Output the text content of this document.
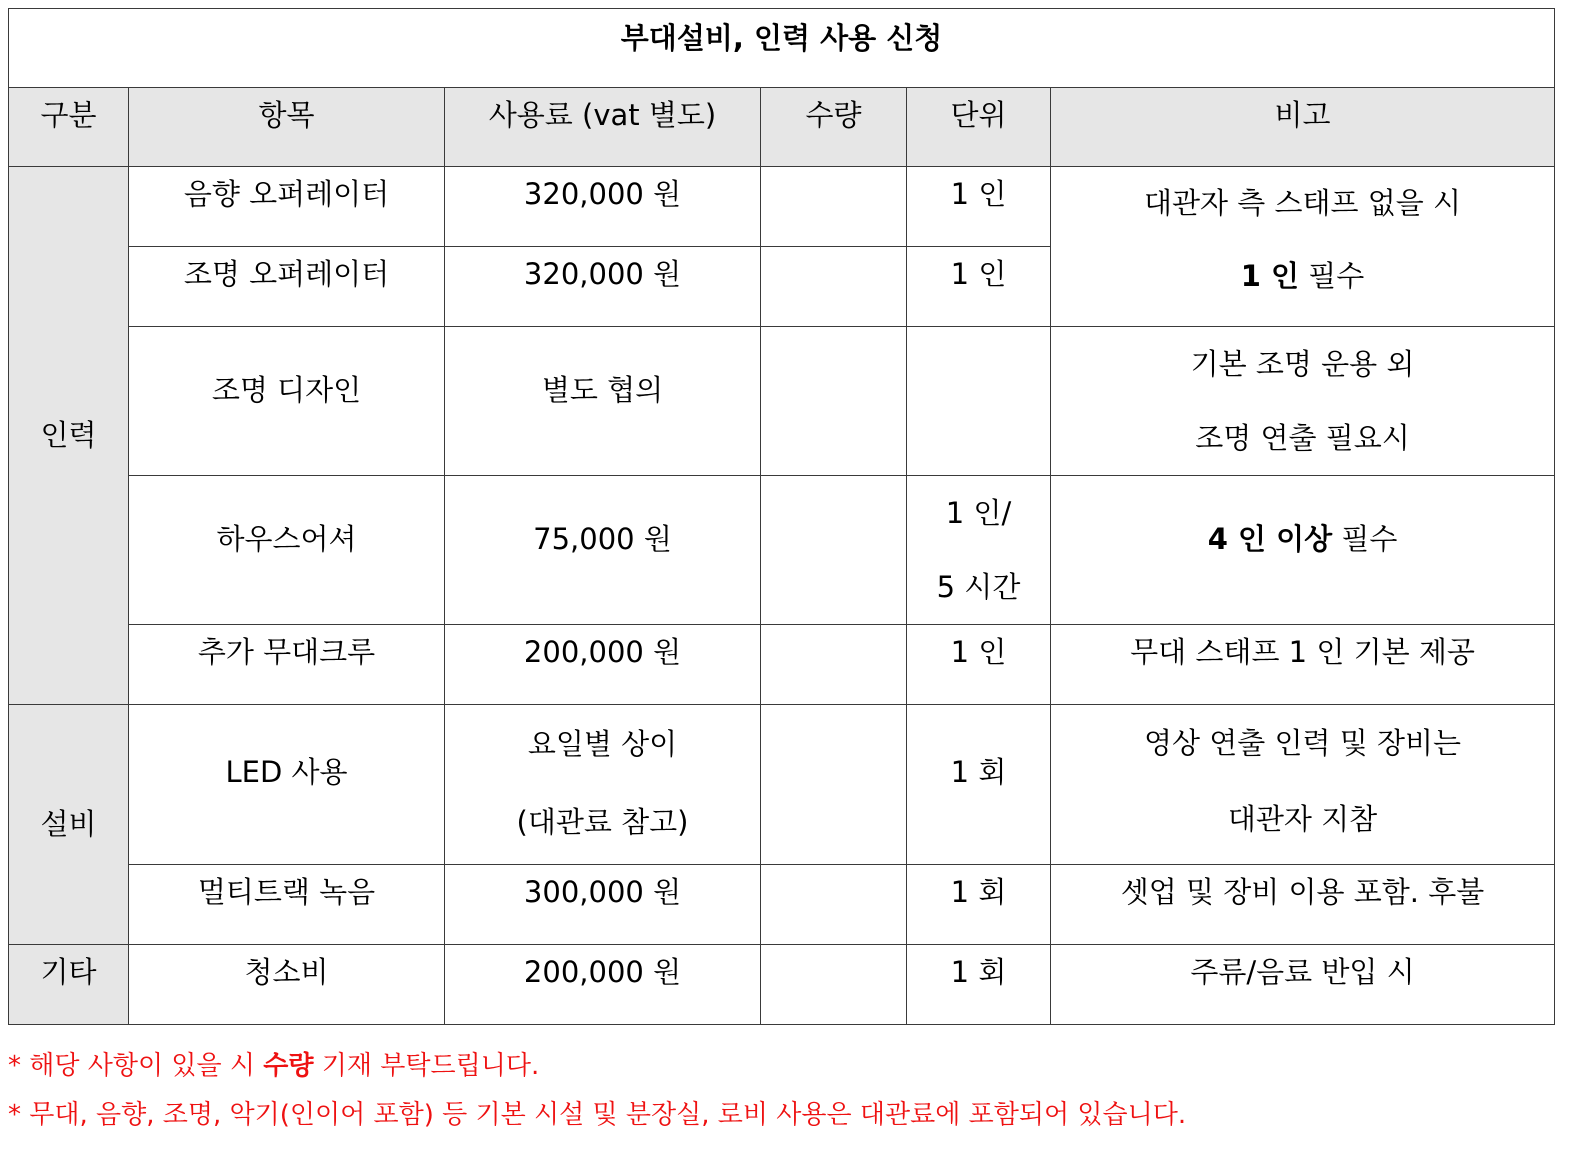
부대설비, 인력 사용 신청					
구분	항목	사용료 (vat 별도)	수량	단위	비고
인력	음향 오퍼레이터	320,000 원		1 인	대관자 측 스태프 없을 시
1 인 필수
	조명 오퍼레이터	320,000 원		1 인	
	조명 디자인	별도 협의			기본 조명 운용 외
조명 연출 필요시
	하우스어셔	75,000 원		1 인/
5 시간	4 인 이상 필수
	추가 무대크루	200,000 원		1 인	무대 스태프 1 인 기본 제공
설비	LED 사용	요일별 상이
(대관료 참고)		1 회	영상 연출 인력 및 장비는
대관자 지참
	멀티트랙 녹음	300,000 원		1 회	셋업 및 장비 이용 포함. 후불
기타	청소비	200,000 원		1 회	주류/음료 반입 시
* 해당 사항이 있을 시 수량 기재 부탁드립니다.
* 무대, 음향, 조명, 악기(인이어 포함) 등 기본 시설 및 분장실, 로비 사용은 대관료에 포함되어 있습니다.
